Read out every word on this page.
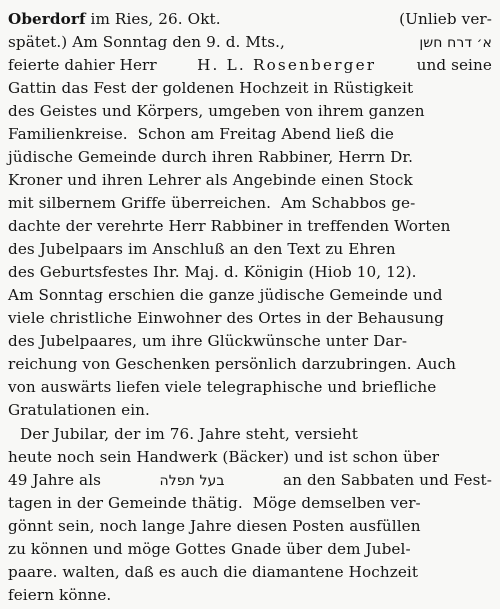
Oberdorf im Ries, 26. Okt.	(Unlieb ver-
spätet.) Am Sonntag den 9. d. Mts.,	א׳ דרח חשן
feierte dahier Herr	H. L. Rosenberger	und seine
Gattin das Fest der goldenen Hochzeit in Rüstigkeit
des Geistes und Körpers, umgeben von ihrem ganzen
Familienkreise.  Schon am Freitag Abend ließ die
jüdische Gemeinde durch ihren Rabbiner, Herrn Dr.
Kroner und ihren Lehrer als Angebinde einen Stock
mit silbernem Griffe überreichen.  Am Schabbos ge-
dachte der verehrte Herr Rabbiner in treffenden Worten
des Jubelpaars im Anschluß an den Text zu Ehren
des Geburtsfestes Ihr. Maj. d. Königin (Hiob 10, 12).
Am Sonntag erschien die ganze jüdische Gemeinde und
viele christliche Einwohner des Ortes in der Behausung
des Jubelpaares, um ihre Glückwünsche unter Dar-
reichung von Geschenken persönlich darzubringen. Auch
von auswärts liefen viele telegraphische und briefliche
Gratulationen ein.
Der Jubilar, der im 76. Jahre steht, versieht
heute noch sein Handwerk (Bäcker) und ist schon über
49 Jahre als	בעל תפלה	an den Sabbaten und Fest-
tagen in der Gemeinde thätig.  Möge demselben ver-
gönnt sein, noch lange Jahre diesen Posten ausfüllen
zu können und möge Gottes Gnade über dem Jubel-
paare. walten, daß es auch die diamantene Hochzeit
feiern könne.
